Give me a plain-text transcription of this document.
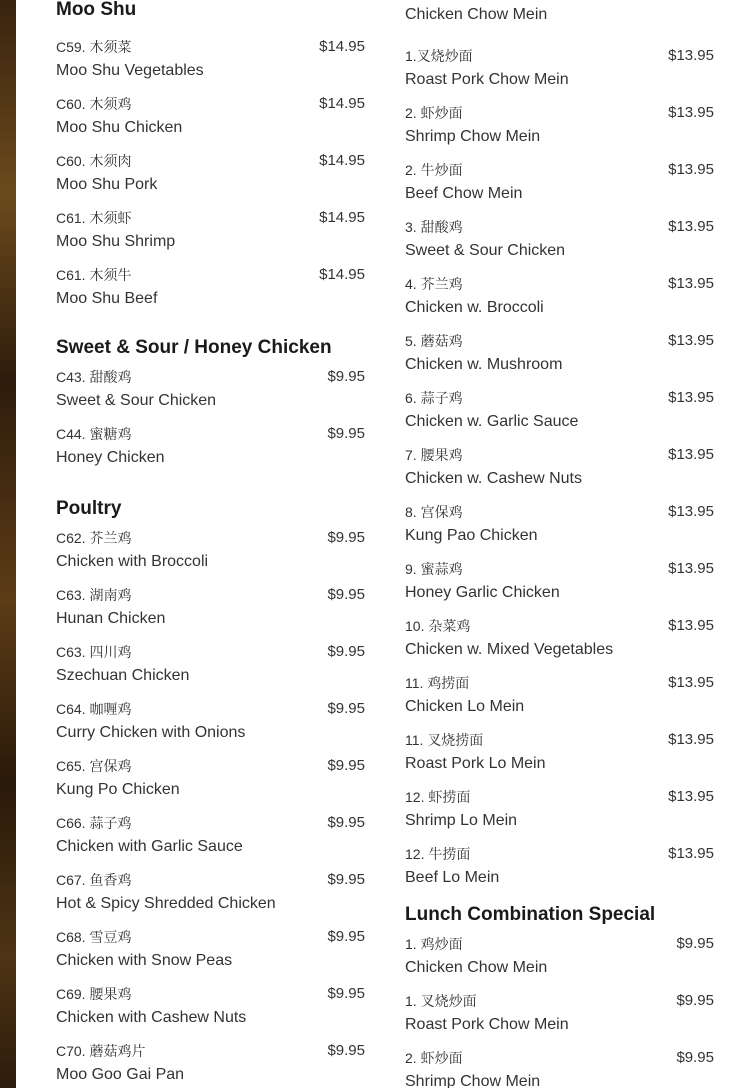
Moo Shu
C59. 木须菜	$14.95
Moo Shu Vegetables
C60. 木须鸡	$14.95
Moo Shu Chicken
C60. 木须肉	$14.95
Moo Shu Pork
C61. 木须虾	$14.95
Moo Shu Shrimp
C61. 木须牛	$14.95
Moo Shu Beef
Sweet & Sour / Honey Chicken
C43. 甜酸鸡	$9.95
Sweet & Sour Chicken
C44. 蜜糖鸡	$9.95
Honey Chicken
Poultry
C62. 芥兰鸡	$9.95
Chicken with Broccoli
C63. 湖南鸡	$9.95
Hunan Chicken
C63. 四川鸡	$9.95
Szechuan Chicken
C64. 咖喱鸡	$9.95
Curry Chicken with Onions
C65. 宫保鸡	$9.95
Kung Po Chicken
C66. 蒜子鸡	$9.95
Chicken with Garlic Sauce
C67. 鱼香鸡	$9.95
Hot & Spicy Shredded Chicken
C68. 雪豆鸡	$9.95
Chicken with Snow Peas
C69. 腰果鸡	$9.95
Chicken with Cashew Nuts
C70. 蘑菇鸡片	$9.95
Moo Goo Gai Pan
Chicken Chow Mein
1.叉烧炒面	$13.95
Roast Pork Chow Mein
2. 虾炒面	$13.95
Shrimp Chow Mein
2. 牛炒面	$13.95
Beef Chow Mein
3. 甜酸鸡	$13.95
Sweet & Sour Chicken
4. 芥兰鸡	$13.95
Chicken w. Broccoli
5. 蘑菇鸡	$13.95
Chicken w. Mushroom
6. 蒜子鸡	$13.95
Chicken w. Garlic Sauce
7. 腰果鸡	$13.95
Chicken w. Cashew Nuts
8. 宫保鸡	$13.95
Kung Pao Chicken
9. 蜜蒜鸡	$13.95
Honey Garlic Chicken
10. 杂菜鸡	$13.95
Chicken w. Mixed Vegetables
11. 鸡捞面	$13.95
Chicken Lo Mein
11. 叉烧捞面	$13.95
Roast Pork Lo Mein
12. 虾捞面	$13.95
Shrimp Lo Mein
12. 牛捞面	$13.95
Beef Lo Mein
Lunch Combination Special
1. 鸡炒面	$9.95
Chicken Chow Mein
1. 叉烧炒面	$9.95
Roast Pork Chow Mein
2. 虾炒面	$9.95
Shrimp Chow Mein
